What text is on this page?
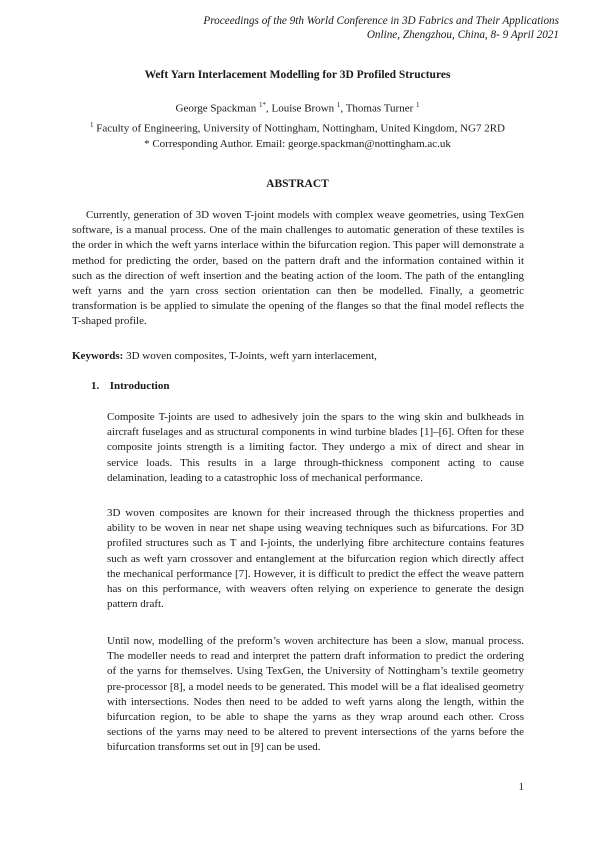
Proceedings of the 9th World Conference in 3D Fabrics and Their Applications
Online, Zhengzhou, China, 8- 9 April 2021
Weft Yarn Interlacement Modelling for 3D Profiled Structures
George Spackman $^{1*}$, Louise Brown $^1$, Thomas Turner $^1$
$^1$ Faculty of Engineering, University of Nottingham, Nottingham, United Kingdom, NG7 2RD
* Corresponding Author. Email: george.spackman@nottingham.ac.uk
ABSTRACT

Currently, generation of 3D woven T-joint models with complex weave geometries, using TexGen software, is a manual process. One of the main challenges to automatic generation of these textiles is the order in which the weft yarns interlace within the bifurcation region. This paper will demonstrate a method for predicting the order, based on the pattern draft and the information contained within it such as the direction of weft insertion and the beating action of the loom. The path of the entangling weft yarns and the yarn cross section orientation can then be modelled. Finally, a geometric transformation is be applied to simulate the opening of the flanges so that the final model reflects the T-shaped profile.

Keywords: 3D woven composites, T-Joints, weft yarn interlacement,
1. Introduction

Composite T-joints are used to adhesively join the spars to the wing skin and bulkheads in aircraft fuselages and as structural components in wind turbine blades [1]–[6]. Often for these composite joints strength is a limiting factor. They undergo a mix of direct and shear in service loads. This results in a large through-thickness component acting to cause delamination, leading to a catastrophic loss of mechanical performance.

3D woven composites are known for their increased through the thickness properties and ability to be woven in near net shape using weaving techniques such as bifurcations. For 3D profiled structures such as T and I-joints, the underlying fibre architecture contains features such as weft yarn crossover and entanglement at the bifurcation region which directly affect the mechanical performance [7]. However, it is difficult to predict the effect the weave pattern has on this performance, with weavers often relying on experience to generate the design pattern draft.

Until now, modelling of the preform’s woven architecture has been a slow, manual process. The modeller needs to read and interpret the pattern draft information to predict the ordering of the yarns for themselves. Using TexGen, the University of Nottingham’s textile geometry pre-processor [8], a model needs to be generated. This model will be a flat idealised geometry with intersections. Nodes then need to be added to weft yarns along the length, within the bifurcation region, to be able to shape the yarns as they wrap around each other. Cross sections of the yarns may need to be altered to prevent intersections of the yarns before the bifurcation transforms set out in [9] can be used.

1
